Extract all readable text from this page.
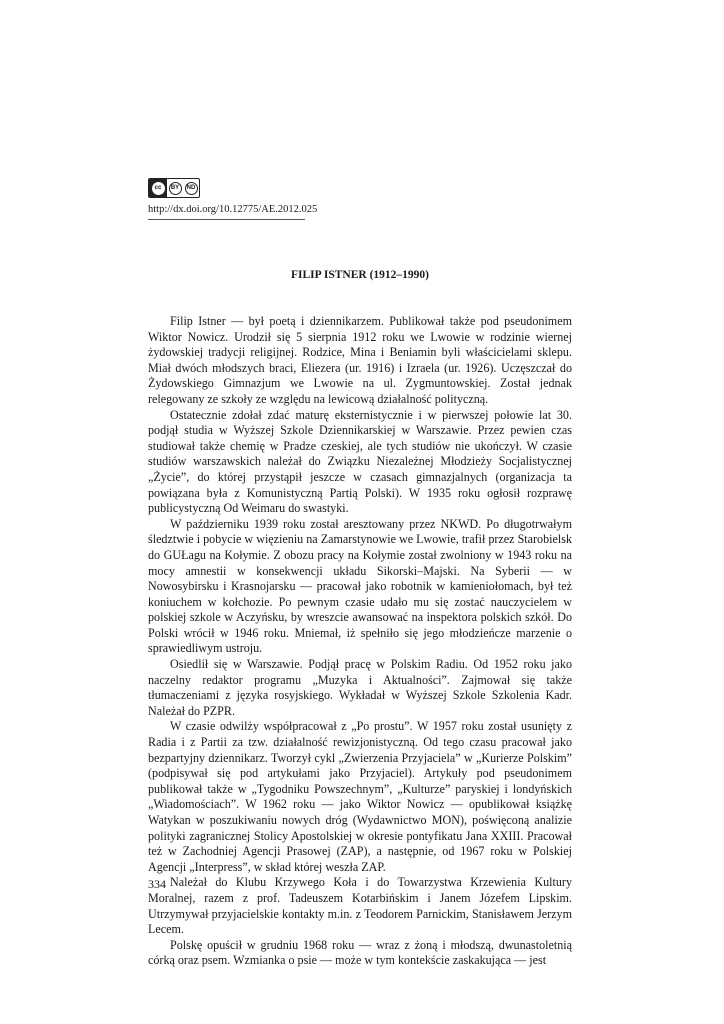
cc	BY ND
http://dx.doi.org/10.12775/AE.2012.025
FILIP ISTNER (1912–1990)

Filip Istner — był poetą i dziennikarzem. Publikował także pod pseudonimem Wiktor Nowicz. Urodził się 5 sierpnia 1912 roku we Lwowie w rodzinie wiernej żydowskiej tradycji religijnej. Rodzice, Mina i Beniamin byli właścicielami sklepu. Miał dwóch młodszych braci, Eliezera (ur. 1916) i Izraela (ur. 1926). Uczęszczał do Żydowskiego Gimnazjum we Lwowie na ul. Zygmuntowskiej. Został jednak relegowany ze szkoły ze względu na lewicową działalność polityczną.

Ostatecznie zdołał zdać maturę eksternistycznie i w pierwszej połowie lat 30. podjął studia w Wyższej Szkole Dziennikarskiej w Warszawie. Przez pewien czas studiował także chemię w Pradze czeskiej, ale tych studiów nie ukończył. W czasie studiów warszawskich należał do Związku Niezależnej Młodzieży Socjalistycznej „Życie”, do której przystąpił jeszcze w czasach gimnazjalnych (organizacja ta powiązana była z Komunistyczną Partią Polski). W 1935 roku ogłosił rozprawę publicystyczną Od Weimaru do swastyki.

W październiku 1939 roku został aresztowany przez NKWD. Po długotrwałym śledztwie i pobycie w więzieniu na Zamarstynowie we Lwowie, trafił przez Starobielsk do GUŁagu na Kołymie. Z obozu pracy na Kołymie został zwolniony w 1943 roku na mocy amnestii w konsekwencji układu Sikorski–Majski. Na Syberii — w Nowosybirsku i Krasnojarsku — pracował jako robotnik w kamieniołomach, był też koniuchem w kołchozie. Po pewnym czasie udało mu się zostać nauczycielem w polskiej szkole w Aczyńsku, by wreszcie awansować na inspektora polskich szkół. Do Polski wrócił w 1946 roku. Mniemał, iż spełniło się jego młodzieńcze marzenie o sprawiedliwym ustroju.

Osiedlił się w Warszawie. Podjął pracę w Polskim Radiu. Od 1952 roku jako naczelny redaktor programu „Muzyka i Aktualności”. Zajmował się także tłumaczeniami z języka rosyjskiego. Wykładał w Wyższej Szkole Szkolenia Kadr. Należał do PZPR.

W czasie odwilży współpracował z „Po prostu”. W 1957 roku został usunięty z Radia i z Partii za tzw. działalność rewizjonistyczną. Od tego czasu pracował jako bezpartyjny dziennikarz. Tworzył cykl „Zwierzenia Przyjaciela” w „Kurierze Polskim” (podpisywał się pod artykułami jako Przyjaciel). Artykuły pod pseudonimem publikował także w „Tygodniku Powszechnym”, „Kulturze” paryskiej i londyńskich „Wiadomościach”. W 1962 roku — jako Wiktor Nowicz — opublikował książkę Watykan w poszukiwaniu nowych dróg (Wydawnictwo MON), poświęconą analizie polityki zagranicznej Stolicy Apostolskiej w okresie pontyfikatu Jana XXIII. Pracował też w Zachodniej Agencji Prasowej (ZAP), a następnie, od 1967 roku w Polskiej Agencji „Interpress”, w skład której weszła ZAP.

Należał do Klubu Krzywego Koła i do Towarzystwa Krzewienia Kultury Moralnej, razem z prof. Tadeuszem Kotarbińskim i Janem Józefem Lipskim. Utrzymywał przyjacielskie kontakty m.in. z Teodorem Parnickim, Stanisławem Jerzym Lecem.

Polskę opuścił w grudniu 1968 roku — wraz z żoną i młodszą, dwunastoletnią córką oraz psem. Wzmianka o psie — może w tym kontekście zaskakująca — jest

334
